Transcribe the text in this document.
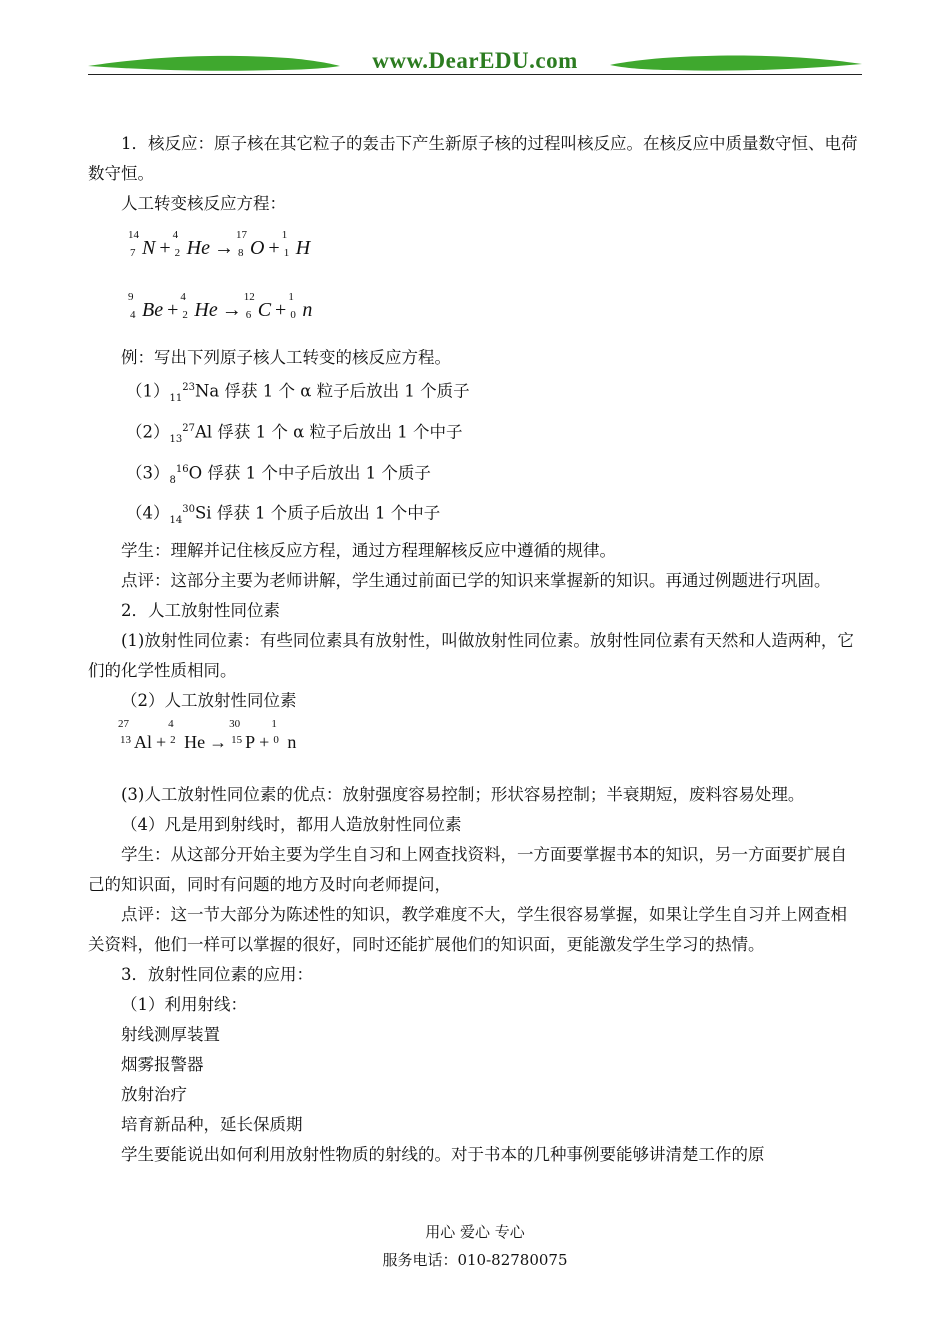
www.DearEDU.com

1．核反应：原子核在其它粒子的轰击下产生新原子核的过程叫核反应。在核反应中质量数守恒、电荷数守恒。

人工转变核反应方程：

14
7 N +
4
2 He →
17
8 O +
1
1 H
9
4 Be +
4
2 He →
12
6 C +
1
0 n

例：写出下列原子核人工转变的核反应方程。

$(1)_{11}^{23}Na$ 俘获 1 个 α 粒子后放出 1 个质子

$(2)_{13}^{27}Al$ 俘获 1 个 α 粒子后放出 1 个中子

$(3)_8^{16}O$ 俘获 1 个中子后放出 1 个质子

$(4)_{14}^{30}Si$ 俘获 1 个质子后放出 1 个中子

学生：理解并记住核反应方程，通过方程理解核反应中遵循的规律。

点评：这部分主要为老师讲解，学生通过前面已学的知识来掌握新的知识。再通过例题进行巩固。

2．人工放射性同位素

(1)放射性同位素：有些同位素具有放射性，叫做放射性同位素。放射性同位素有天然和人造两种，它们的化学性质相同。

（2）人工放射性同位素

27
13 Al +
4
2 He →
30
15 P +
1
0 n

(3)人工放射性同位素的优点：放射强度容易控制；形状容易控制；半衰期短，废料容易处理。

（4）凡是用到射线时，都用人造放射性同位素

学生：从这部分开始主要为学生自习和上网查找资料，一方面要掌握书本的知识，另一方面要扩展自己的知识面，同时有问题的地方及时向老师提问，

点评：这一节大部分为陈述性的知识，教学难度不大，学生很容易掌握，如果让学生自习并上网查相关资料，他们一样可以掌握的很好，同时还能扩展他们的知识面，更能激发学生学习的热情。

3．放射性同位素的应用：

（1）利用射线：

射线测厚装置

烟雾报警器

放射治疗

培育新品种，延长保质期

学生要能说出如何利用放射性物质的射线的。对于书本的几种事例要能够讲清楚工作的原

用心 爱心 专心
服务电话：010-82780075
